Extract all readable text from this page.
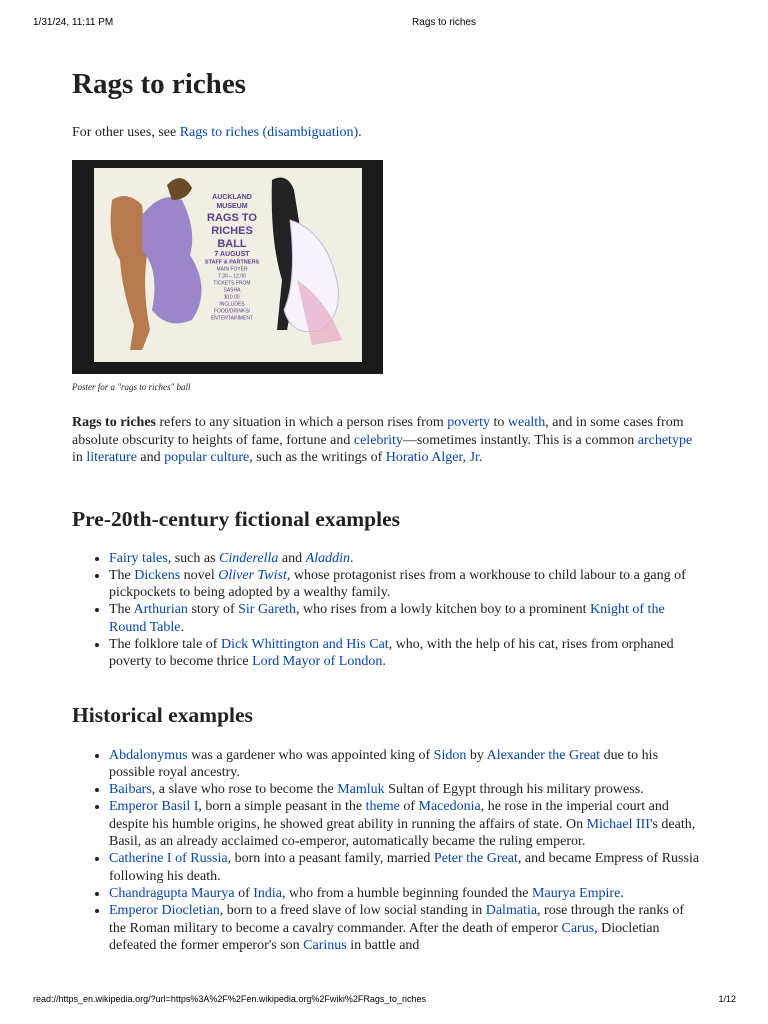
1/31/24, 11:11 PM	Rags to riches
Rags to riches
For other uses, see Rags to riches (disambiguation).
AUCKLAND
MUSEUM
RAGS TO
RICHES
BALL
7 AUGUST
STAFF & PARTNERS
MAIN FOYER
7.30 – 12.00
TICKETS FROM
SASHA
$10.00
INCLUDES
FOOD/DRINKS/
ENTERTAINMENT
Poster for a "rags to riches" ball

Rags to riches refers to any situation in which a person rises from poverty to wealth, and in some cases from absolute obscurity to heights of fame, fortune and celebrity—sometimes instantly. This is a common archetype in literature and popular culture, such as the writings of Horatio Alger, Jr.

Pre-20th-century fictional examples
• Fairy tales, such as Cinderella and Aladdin.
• The Dickens novel Oliver Twist, whose protagonist rises from a workhouse to child labour to a gang of pickpockets to being adopted by a wealthy family.
• The Arthurian story of Sir Gareth, who rises from a lowly kitchen boy to a prominent Knight of the Round Table.
• The folklore tale of Dick Whittington and His Cat, who, with the help of his cat, rises from orphaned poverty to become thrice Lord Mayor of London.
Historical examples
• Abdalonymus was a gardener who was appointed king of Sidon by Alexander the Great due to his possible royal ancestry.
• Baibars, a slave who rose to become the Mamluk Sultan of Egypt through his military prowess.
• Emperor Basil I, born a simple peasant in the theme of Macedonia, he rose in the imperial court and despite his humble origins, he showed great ability in running the affairs of state. On Michael III's death, Basil, as an already acclaimed co-emperor, automatically became the ruling emperor.
• Catherine I of Russia, born into a peasant family, married Peter the Great, and became Empress of Russia following his death.
• Chandragupta Maurya of India, who from a humble beginning founded the Maurya Empire.
• Emperor Diocletian, born to a freed slave of low social standing in Dalmatia, rose through the ranks of the Roman military to become a cavalry commander. After the death of emperor Carus, Diocletian defeated the former emperor's son Carinus in battle and
read://https_en.wikipedia.org/?url=https%3A%2F%2Fen.wikipedia.org%2Fwiki%2FRags_to_riches	1/12
